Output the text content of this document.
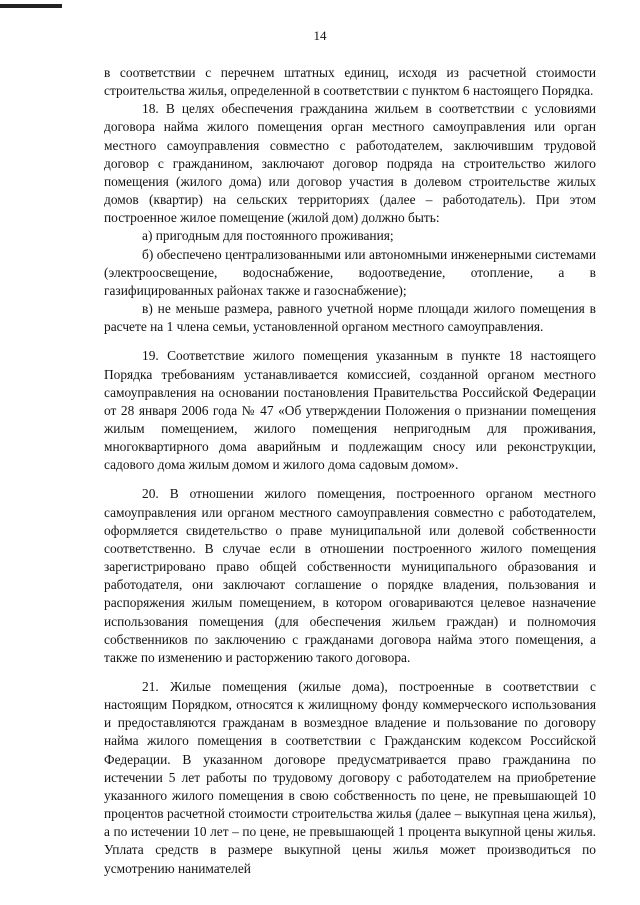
14

в соответствии с перечнем штатных единиц, исходя из расчетной стоимости строительства жилья, определенной в соответствии с пунктом 6 настоящего Порядка.

18. В целях обеспечения гражданина жильем в соответствии с условиями договора найма жилого помещения орган местного самоуправления или орган местного самоуправления совместно с работодателем, заключившим трудовой договор с гражданином, заключают договор подряда на строительство жилого помещения (жилого дома) или договор участия в долевом строительстве жилых домов (квартир) на сельских территориях (далее – работодатель). При этом построенное жилое помещение (жилой дом) должно быть:

а) пригодным для постоянного проживания;

б) обеспечено централизованными или автономными инженерными системами (электроосвещение, водоснабжение, водоотведение, отопление, а в газифицированных районах также и газоснабжение);

в) не меньше размера, равного учетной норме площади жилого помещения в расчете на 1 члена семьи, установленной органом местного самоуправления.

19. Соответствие жилого помещения указанным в пункте 18 настоящего Порядка требованиям устанавливается комиссией, созданной органом местного самоуправления на основании постановления Правительства Российской Федерации от 28 января 2006 года № 47 «Об утверждении Положения о признании помещения жилым помещением, жилого помещения непригодным для проживания, многоквартирного дома аварийным и подлежащим сносу или реконструкции, садового дома жилым домом и жилого дома садовым домом».

20. В отношении жилого помещения, построенного органом местного самоуправления или органом местного самоуправления совместно с работодателем, оформляется свидетельство о праве муниципальной или долевой собственности соответственно. В случае если в отношении построенного жилого помещения зарегистрировано право общей собственности муниципального образования и работодателя, они заключают соглашение о порядке владения, пользования и распоряжения жилым помещением, в котором оговариваются целевое назначение использования помещения (для обеспечения жильем граждан) и полномочия собственников по заключению с гражданами договора найма этого помещения, а также по изменению и расторжению такого договора.

21. Жилые помещения (жилые дома), построенные в соответствии с настоящим Порядком, относятся к жилищному фонду коммерческого использования и предоставляются гражданам в возмездное владение и пользование по договору найма жилого помещения в соответствии с Гражданским кодексом Российской Федерации. В указанном договоре предусматривается право гражданина по истечении 5 лет работы по трудовому договору с работодателем на приобретение указанного жилого помещения в свою собственность по цене, не превышающей 10 процентов расчетной стоимости строительства жилья (далее – выкупная цена жилья), а по истечении 10 лет – по цене, не превышающей 1 процента выкупной цены жилья. Уплата средств в размере выкупной цены жилья может производиться по усмотрению нанимателей
